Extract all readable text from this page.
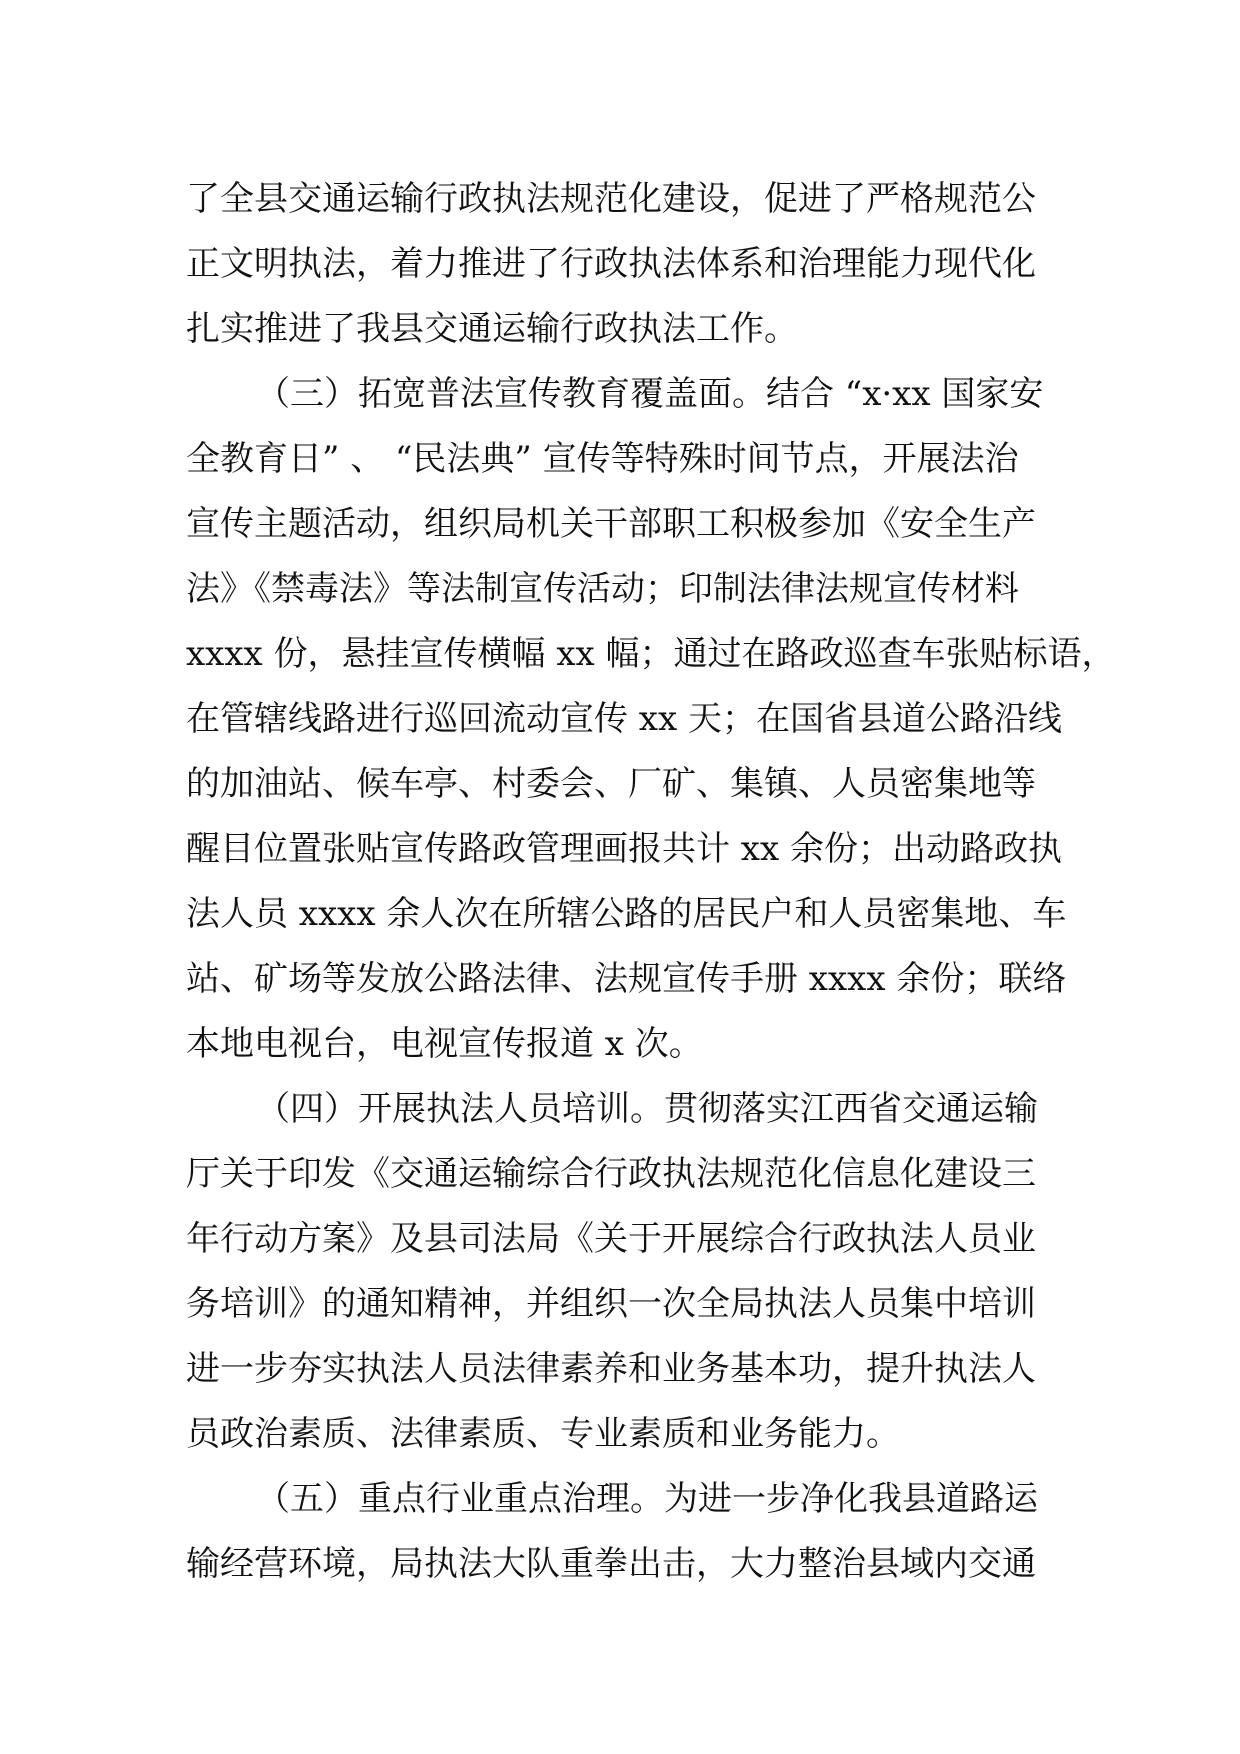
了全县交通运输行政执法规范化建设，促进了严格规范公
正文明执法，着力推进了行政执法体系和治理能力现代化
扎实推进了我县交通运输行政执法工作。
（三）拓宽普法宣传教育覆盖面。结合 “x·xx 国家安
全教育日” 、 “民法典” 宣传等特殊时间节点，开展法治
宣传主题活动，组织局机关干部职工积极参加《安全生产
法》《禁毒法》等法制宣传活动；印制法律法规宣传材料
xxxx 份，悬挂宣传横幅 xx 幅；通过在路政巡查车张贴标语，
在管辖线路进行巡回流动宣传 xx 天；在国省县道公路沿线
的加油站、候车亭、村委会、厂矿、集镇、人员密集地等
醒目位置张贴宣传路政管理画报共计 xx 余份；出动路政执
法人员 xxxx 余人次在所辖公路的居民户和人员密集地、车
站、矿场等发放公路法律、法规宣传手册 xxxx 余份；联络
本地电视台，电视宣传报道 x 次。
（四）开展执法人员培训。贯彻落实江西省交通运输
厅关于印发《交通运输综合行政执法规范化信息化建设三
年行动方案》及县司法局《关于开展综合行政执法人员业
务培训》的通知精神，并组织一次全局执法人员集中培训
进一步夯实执法人员法律素养和业务基本功，提升执法人
员政治素质、法律素质、专业素质和业务能力。
（五）重点行业重点治理。为进一步净化我县道路运
输经营环境，局执法大队重拳出击，大力整治县域内交通
